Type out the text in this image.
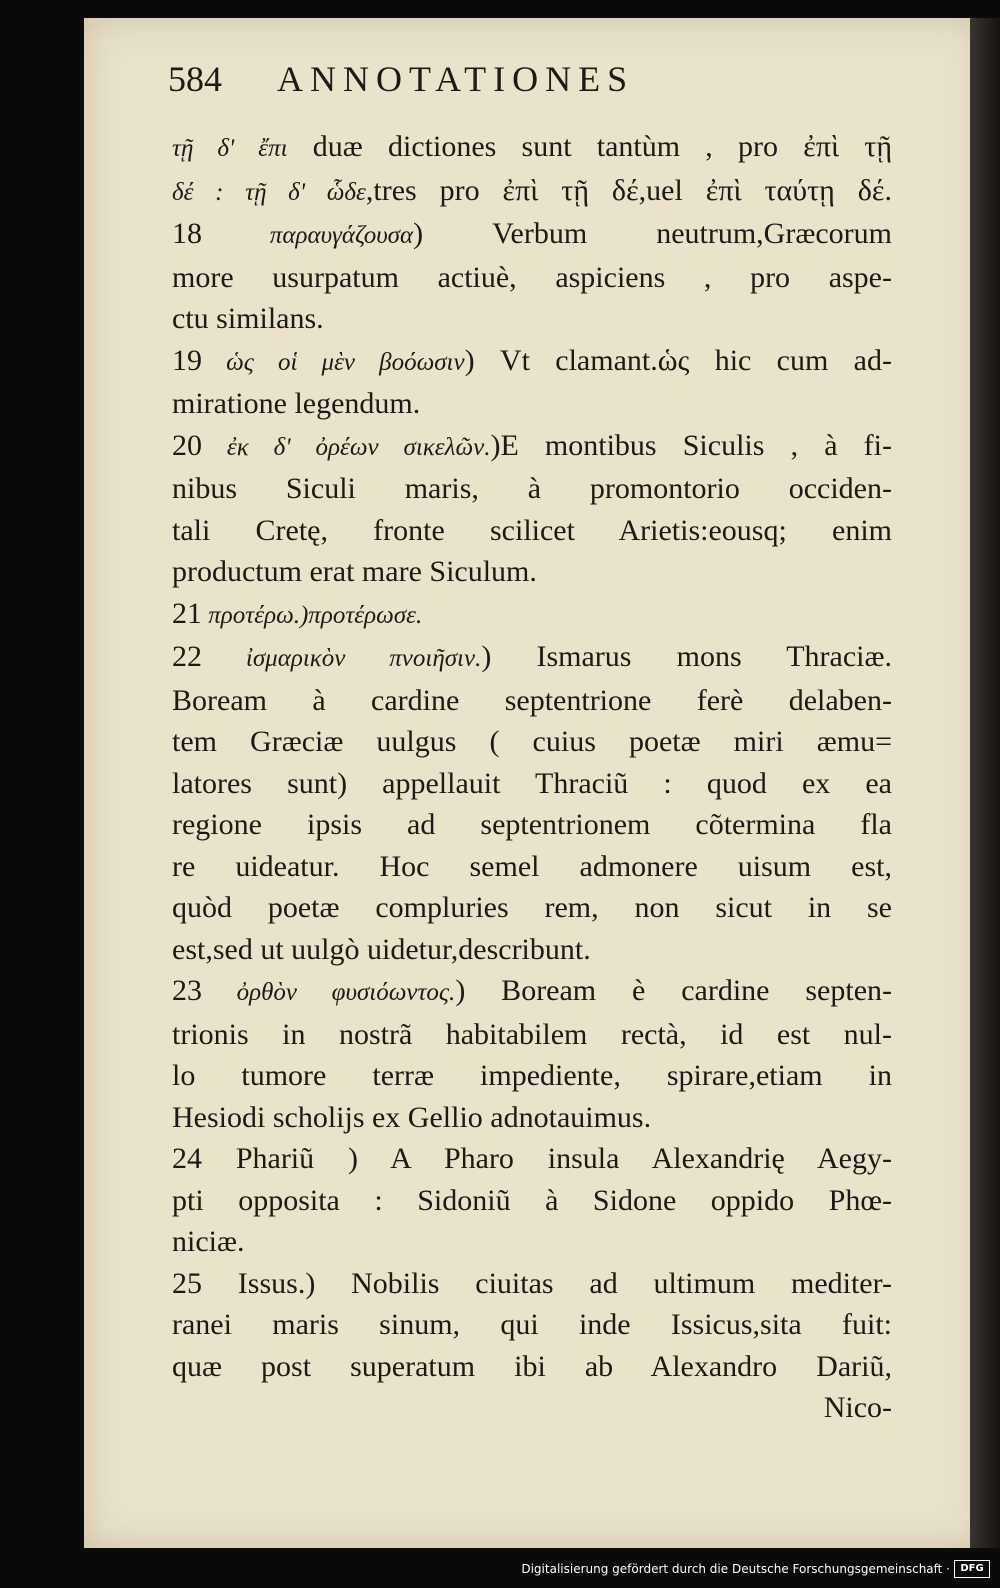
584 ANNOTATIONES
τῇ δ' ἔπι duæ dictiones sunt tantùm , pro ἐπὶ τῇ
δέ : τῇ δ' ὧδε,tres pro ἐπὶ τῇ δέ,uel ἐπὶ ταύτῃ δέ.
18 παραυγάζουσα) Verbum neutrum,Græcorum
more usurpatum actiuè, aspiciens , pro aspe-
ctu similans.
19 ὡς οἱ μὲν βοόωσιν) Vt clamant.ὡς hic cum ad-
miratione legendum.
20 ἐκ δ' ὀρέων σικελῶν.)E montibus Siculis , à fi-
nibus Siculi maris, à promontorio occiden-
tali Cretę, fronte scilicet Arietis:eousq; enim
productum erat mare Siculum.
21 προτέρω.)προτέρωσε.
22 ἰσμαρικὸν πνοιῆσιν.) Ismarus mons Thraciæ.
Boream à cardine septentrione ferè delaben-
tem Græciæ uulgus ( cuius poetæ miri æmu=
latores sunt) appellauit Thraciũ : quod ex ea
regione ipsis ad septentrionem cõtermina fla
re uideatur. Hoc semel admonere uisum est,
quòd poetæ compluries rem, non sicut in se
est,sed ut uulgò uidetur,describunt.
23 ὀρθὸν φυσιόωντος.) Boream è cardine septen-
trionis in nostrã habitabilem rectà, id est nul-
lo tumore terræ impediente, spirare,etiam in
Hesiodi scholijs ex Gellio adnotauimus.
24 Phariũ ) A Pharo insula Alexandrię Aegy-
pti opposita : Sidoniũ à Sidone oppido Phœ-
niciæ.
25 Issus.) Nobilis ciuitas ad ultimum mediter-
ranei maris sinum, qui inde Issicus,sita fuit:
quæ post superatum ibi ab Alexandro Dariũ,
Nico-
Digitalisierung gefördert durch die Deutsche Forschungsgemeinschaft ·	DFG
